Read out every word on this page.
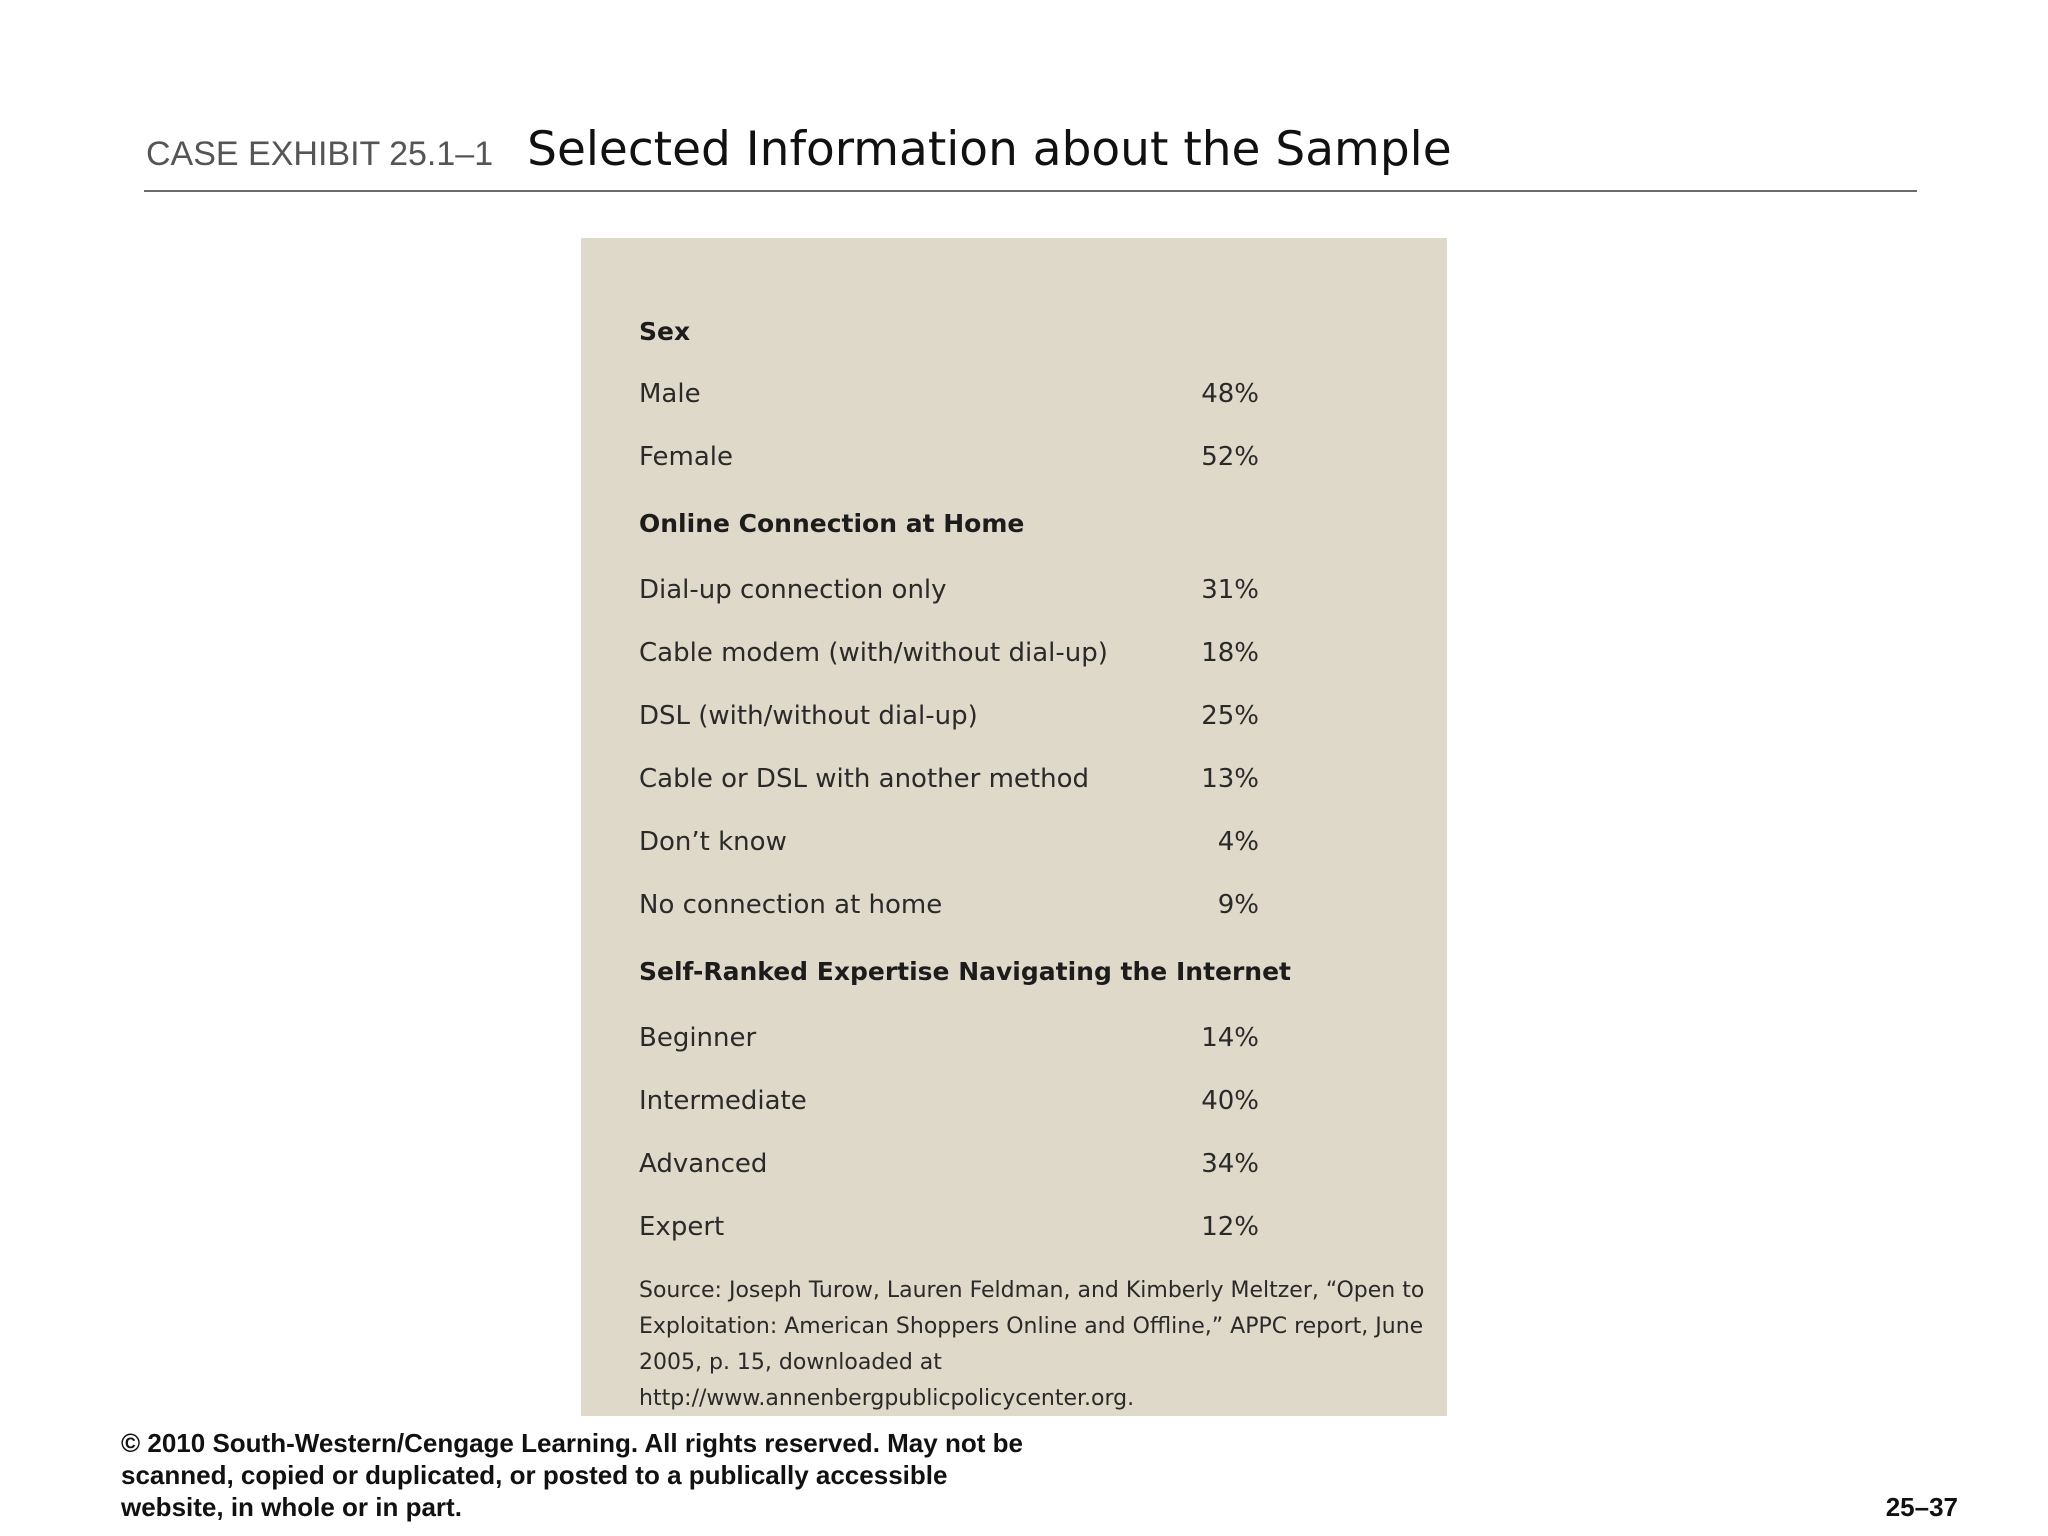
CASE EXHIBIT 25.1–1 Selected Information about the Sample
Sex
Male	48%
Female	52%
Online Connection at Home
Dial-up connection only	31%
Cable modem (with/without dial-up)	18%
DSL (with/without dial-up)	25%
Cable or DSL with another method	13%
Don’t know	4%
No connection at home	9%
Self-Ranked Expertise Navigating the Internet
Beginner	14%
Intermediate	40%
Advanced	34%
Expert	12%
Source: Joseph Turow, Lauren Feldman, and Kimberly Meltzer, “Open to Exploitation: American Shoppers Online and Offline,” APPC report, June 2005, p. 15, downloaded at http://www.annenbergpublicpolicycenter.org.
© 2010 South-Western/Cengage Learning. All rights reserved. May not be
scanned, copied or duplicated, or posted to a publically accessible
website, in whole or in part.	25–37
